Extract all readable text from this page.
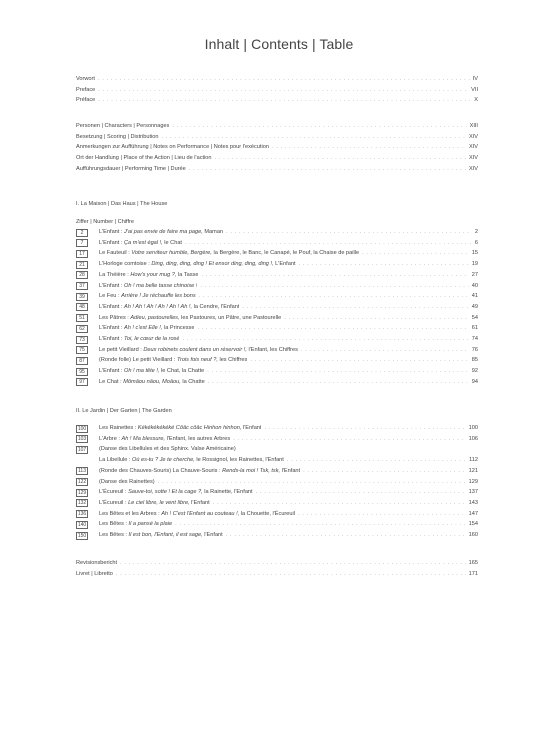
Inhalt | Contents | Table
Vorwort . . .	IV
Preface . . .	VII
Préface . . .	X
Personen | Characters | Personnages . . .	XIII
Besetzung | Scoring | Distribution . . .	XIV
Anmerkungen zur Aufführung | Notes on Performance | Notes pour l'exécution . . .	XIV
Ort der Handlung | Place of the Action | Lieu de l'action . . .	XIV
Aufführungsdauer | Performing Time | Durée . . .	XIV
I. La Maison | Das Haus | The House
Ziffer | Number | Chiffre
2	L'Enfant : J'ai pas envie de faire ma page, Maman . . .	2
7	L'Enfant : Ça m'est égal !, le Chat . . .	6
17	Le Fauteuil : Votre serviteur humble, Bergère, la Bergère, le Banc, le Canapé, le Pouf, la Chaise de paille . . .	15
21	L'Horloge comtoise : Ding, ding, ding, ding ! Et ensor ding, ding, ding !, L'Enfant . . .	19
28	La Théière : How's your mug ?, la Tasse . . .	27
37	L'Enfant : Oh ! ma belle tasse chinoise ! . . .	40
39	Le Feu : Arrière ! Je réchauffe les bons . . .	41
48	L'Enfant : Ah ! Ah ! Ah ! Ah ! Ah ! Ah !, la Cendre, l'Enfant . . .	49
51	Les Pâtres : Adieu, pastourelles, les Pastoures, un Pâtre, une Pastourelle . . .	54
62	L'Enfant : Ah ! c'est Elle !, la Princesse . . .	61
73	L'Enfant : Toi, le cœur de la rosé . . .	74
75	Le petit Vieillard : Deux robinets coulent dans un réservoir !, l'Enfant, les Chiffres . . .	76
87	(Ronde folle) Le petit Vieillard : Trois fois neuf ?, les Chiffres . . .	85
95	L'Enfant : Oh ! ma tête !, le Chat, la Chatte . . .	92
97	Le Chat : Mômâou nâou, Moâou, la Chatte . . .	94
II. Le Jardin | Der Garten | The Garden
100	Les Rainettes : Kékékékékéké Côâc côâc Hinhon hinhon, l'Enfant . . .	100
103	L'Arbre : Ah ! Ma blessure, l'Enfant, les autres Arbres . . .	106
107	(Danse des Libellules et des Sphinx. Valse Américaine)
La Libellule : Où es-tu ? Je te cherche, le Rossignol, les Rainettes, l'Enfant . . .	112
113	(Ronde des Chauves-Souris) La Chauve-Souris : Rends-la moi ! Tsk, tsk, l'Enfant . . .	121
122	(Danse des Rainettes) . . .	129
129	L'Écureuil : Sauve-toi, sotte ! Et la cage ?, la Rainette, l'Enfant . . .	137
132	L'Écureuil : Le ciel libre, le vent libre, l'Enfant . . .	143
136	Les Bêtes et les Arbres : Ah ! C'est l'Enfant au couteau !, la Chouette, l'Écureuil . . .	147
140	Les Bêtes : Il a pansé la plaie . . .	154
150	Les Bêtes : Il est bon, l'Enfant, il est sage, l'Enfant . . .	160
Revisionsbericht . . .	165
Livret | Libretto . . .	171
